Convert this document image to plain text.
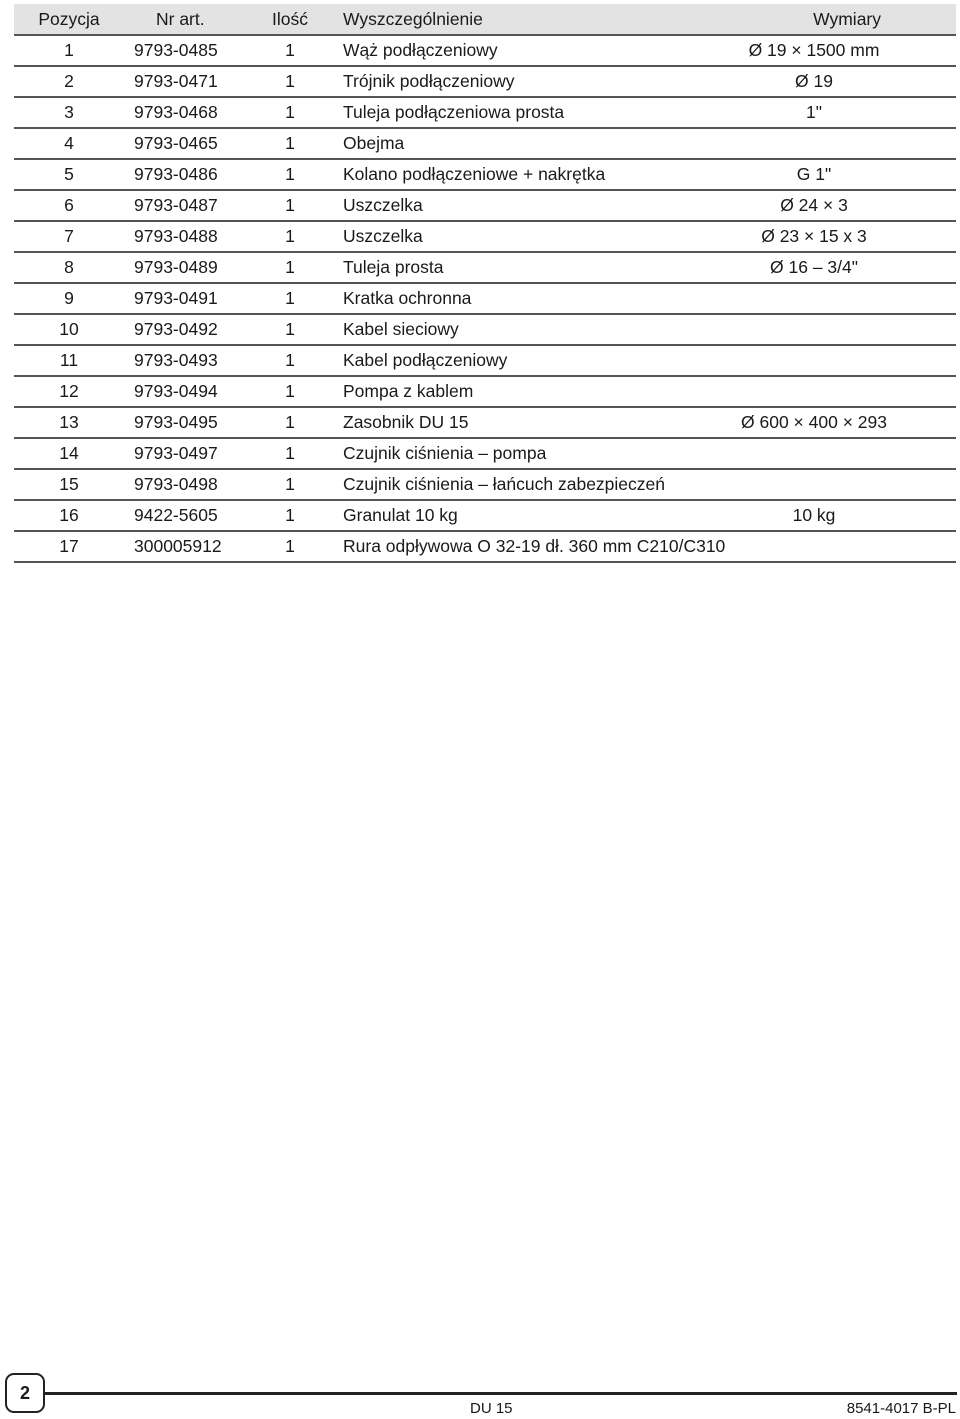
Pozycja	Nr art.	Ilość	Wyszczególnienie	Wymiary
1	9793-0485	1	Wąż podłączeniowy	Ø 19 × 1500 mm
2	9793-0471	1	Trójnik podłączeniowy	Ø 19
3	9793-0468	1	Tuleja podłączeniowa prosta	1"
4	9793-0465	1	Obejma
5	9793-0486	1	Kolano podłączeniowe + nakrętka	G 1"
6	9793-0487	1	Uszczelka	Ø 24 × 3
7	9793-0488	1	Uszczelka	Ø 23 × 15 x 3
8	9793-0489	1	Tuleja prosta	Ø 16 – 3/4"
9	9793-0491	1	Kratka ochronna
10	9793-0492	1	Kabel sieciowy
11	9793-0493	1	Kabel podłączeniowy
12	9793-0494	1	Pompa z kablem
13	9793-0495	1	Zasobnik DU 15	Ø 600 × 400 × 293
14	9793-0497	1	Czujnik ciśnienia – pompa
15	9793-0498	1	Czujnik ciśnienia – łańcuch zabezpieczeń
16	9422-5605	1	Granulat 10 kg	10 kg
17	300005912	1	Rura odpływowa O 32-19 dł. 360 mm C210/C310
2
DU 15	8541-4017 B-PL
